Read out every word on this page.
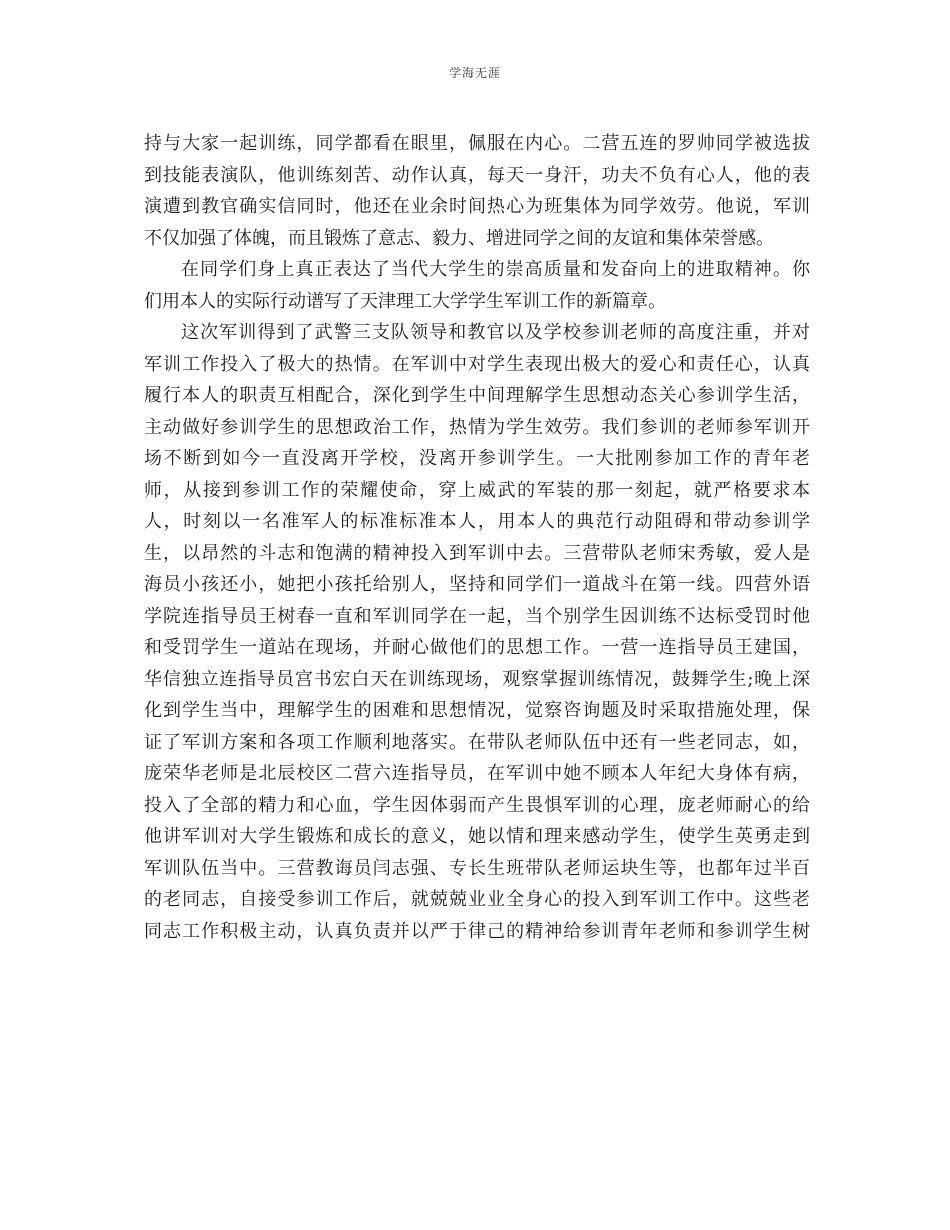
学海无涯
持与大家一起训练，同学都看在眼里，佩服在内心。二营五连的罗帅同学被选拔
到技能表演队，他训练刻苦、动作认真，每天一身汗，功夫不负有心人，他的表
演遭到教官确实信同时，他还在业余时间热心为班集体为同学效劳。他说，军训
不仅加强了体魄，而且锻炼了意志、毅力、增进同学之间的友谊和集体荣誉感。
在同学们身上真正表达了当代大学生的崇高质量和发奋向上的进取精神。你
们用本人的实际行动谱写了天津理工大学学生军训工作的新篇章。
这次军训得到了武警三支队领导和教官以及学校参训老师的高度注重，并对
军训工作投入了极大的热情。在军训中对学生表现出极大的爱心和责任心，认真
履行本人的职责互相配合，深化到学生中间理解学生思想动态关心参训学生活，
主动做好参训学生的思想政治工作，热情为学生效劳。我们参训的老师参军训开
场不断到如今一直没离开学校，没离开参训学生。一大批刚参加工作的青年老
师，从接到参训工作的荣耀使命，穿上威武的军装的那一刻起，就严格要求本
人，时刻以一名准军人的标准标准本人，用本人的典范行动阻碍和带动参训学
生，以昂然的斗志和饱满的精神投入到军训中去。三营带队老师宋秀敏，爱人是
海员小孩还小，她把小孩托给别人，坚持和同学们一道战斗在第一线。四营外语
学院连指导员王树春一直和军训同学在一起，当个别学生因训练不达标受罚时他
和受罚学生一道站在现场，并耐心做他们的思想工作。一营一连指导员王建国，
华信独立连指导员宫书宏白天在训练现场，观察掌握训练情况，鼓舞学生;晚上深
化到学生当中，理解学生的困难和思想情况，觉察咨询题及时采取措施处理，保
证了军训方案和各项工作顺利地落实。在带队老师队伍中还有一些老同志，如，
庞荣华老师是北辰校区二营六连指导员，在军训中她不顾本人年纪大身体有病，
投入了全部的精力和心血，学生因体弱而产生畏惧军训的心理，庞老师耐心的给
他讲军训对大学生锻炼和成长的意义，她以情和理来感动学生，使学生英勇走到
军训队伍当中。三营教诲员闫志强、专长生班带队老师运块生等，也都年过半百
的老同志，自接受参训工作后，就兢兢业业全身心的投入到军训工作中。这些老
同志工作积极主动，认真负责并以严于律己的精神给参训青年老师和参训学生树
